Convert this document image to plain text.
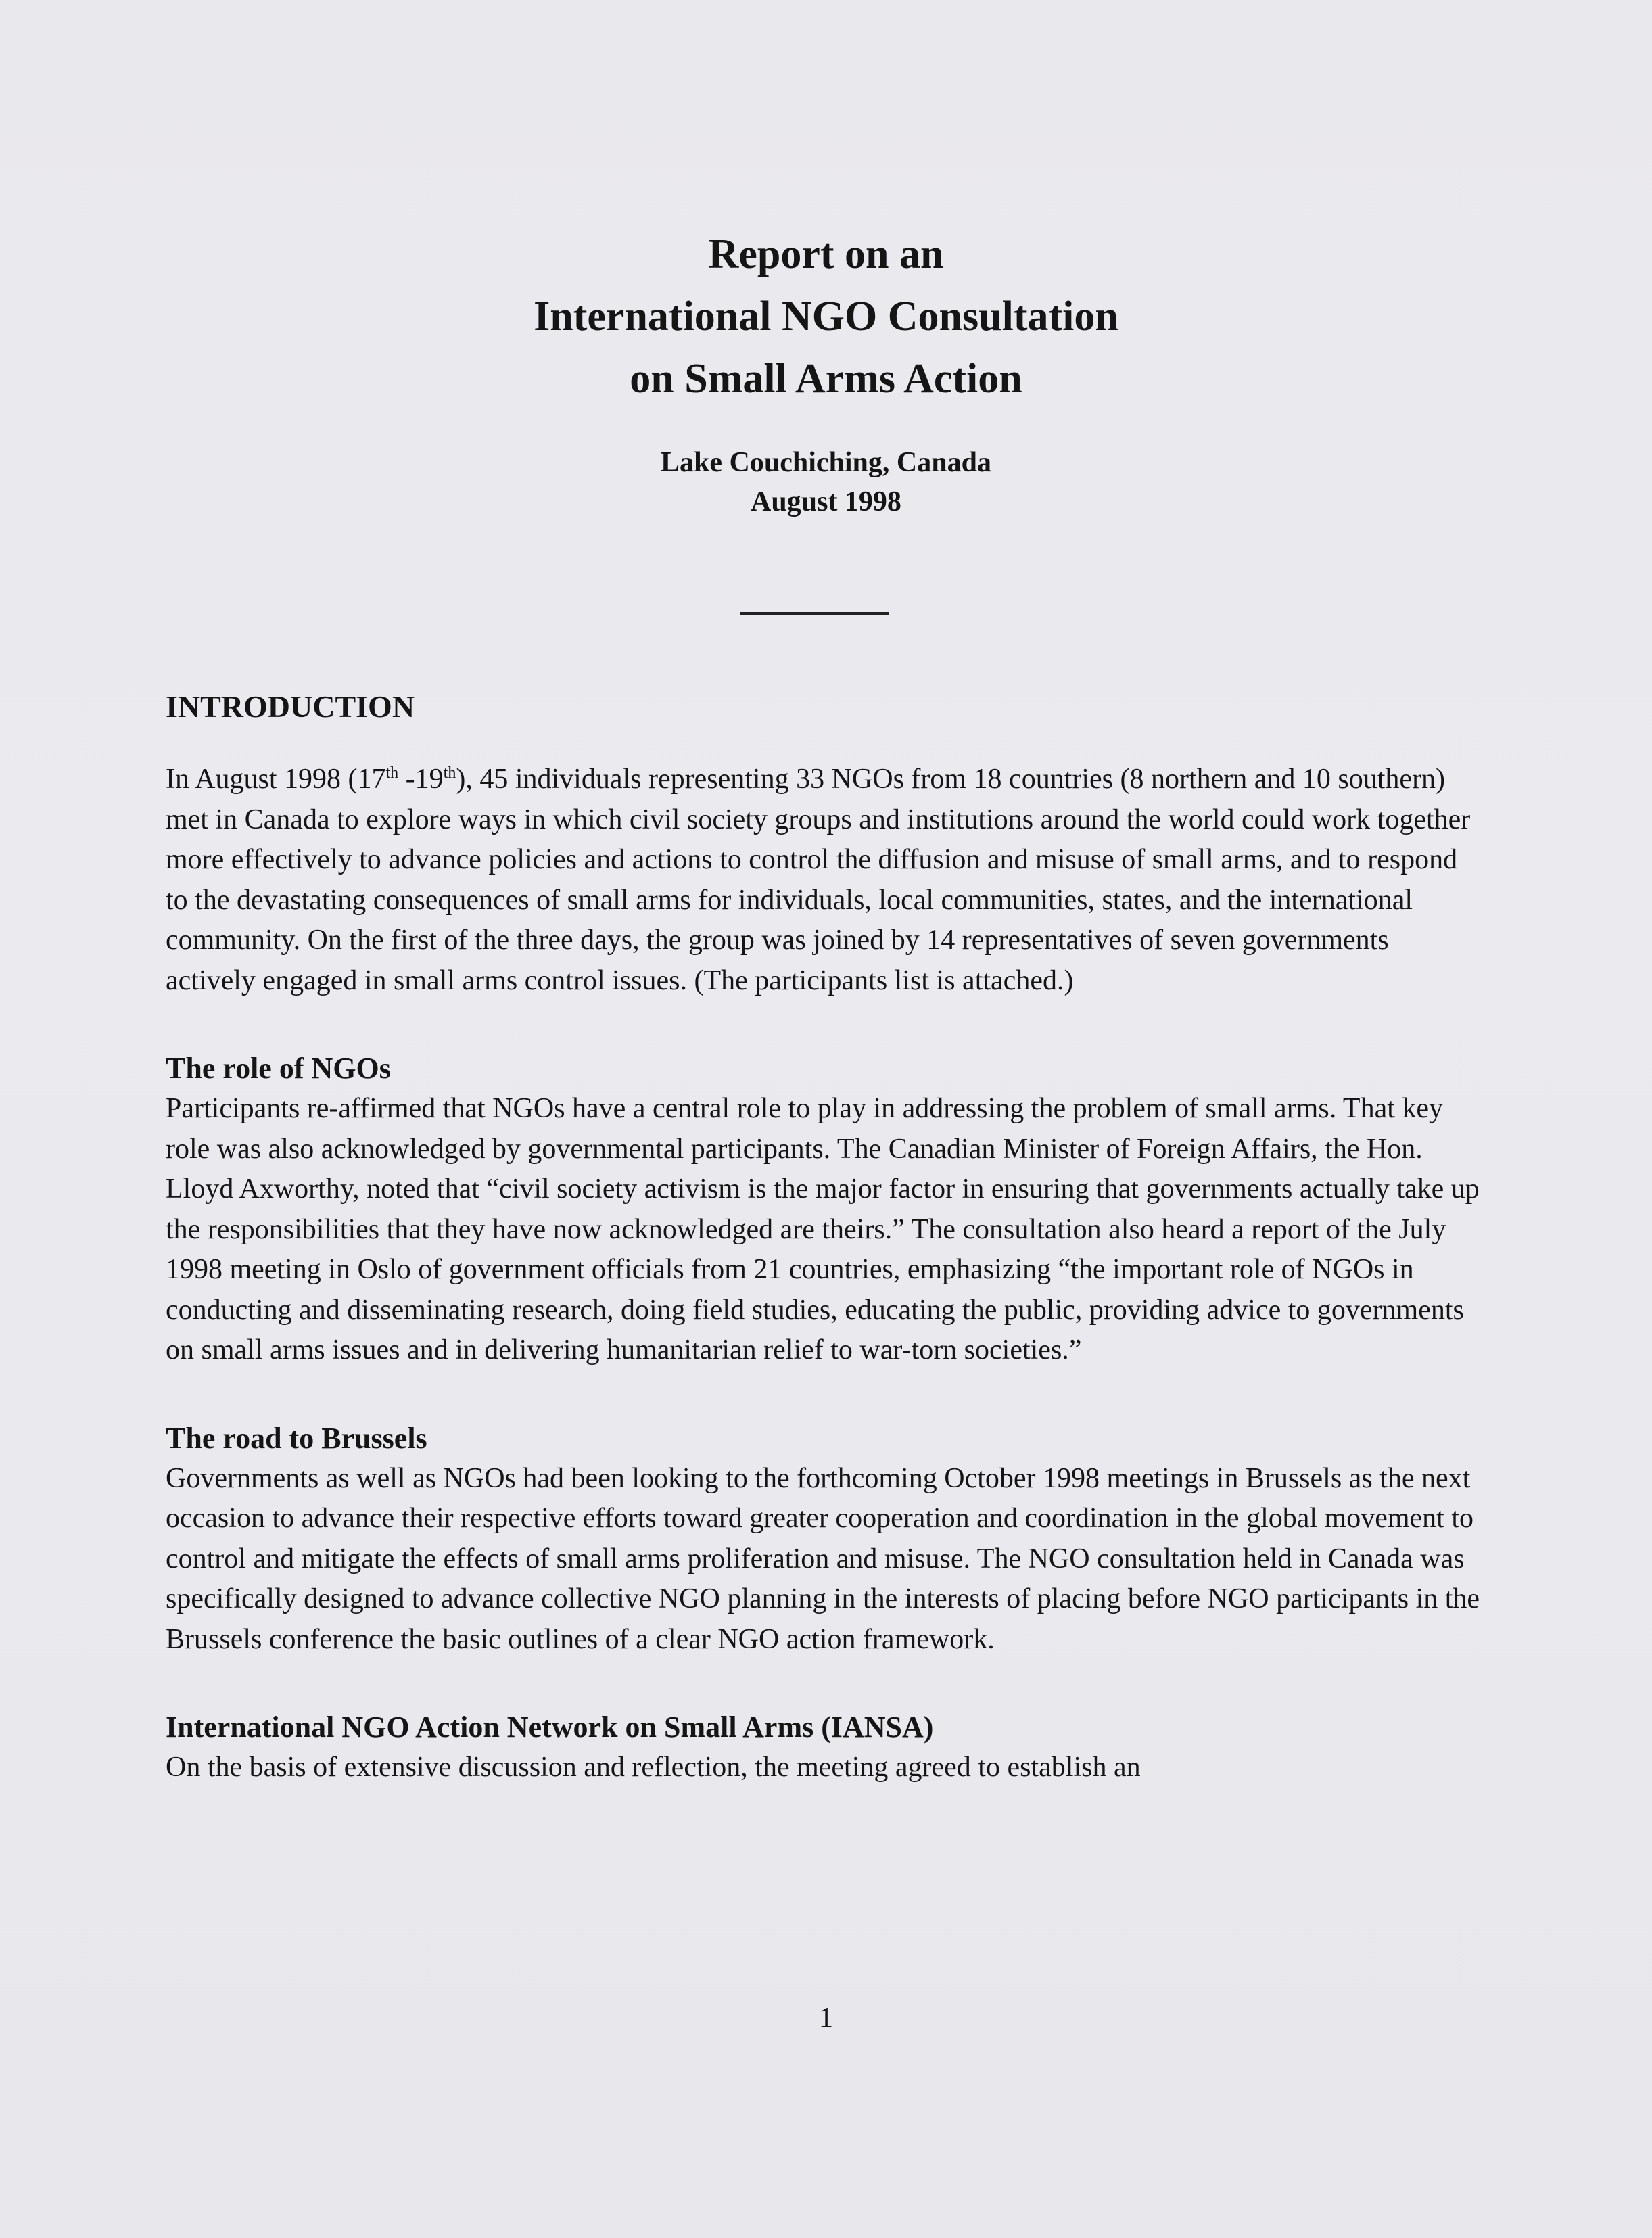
Report on an

International NGO Consultation

on Small Arms Action

Lake Couchiching, Canada

August 1998

INTRODUCTION

In August 1998 (17th -19th), 45 individuals representing 33 NGOs from 18 countries (8 northern and 10 southern) met in Canada to explore ways in which civil society groups and institutions around the world could work together more effectively to advance policies and actions to control the diffusion and misuse of small arms, and to respond to the devastating consequences of small arms for individuals, local communities, states, and the international community. On the first of the three days, the group was joined by 14 representatives of seven governments actively engaged in small arms control issues. (The participants list is attached.)

The role of NGOs

Participants re-affirmed that NGOs have a central role to play in addressing the problem of small arms. That key role was also acknowledged by governmental participants. The Canadian Minister of Foreign Affairs, the Hon. Lloyd Axworthy, noted that “civil society activism is the major factor in ensuring that governments actually take up the responsibilities that they have now acknowledged are theirs.” The consultation also heard a report of the July 1998 meeting in Oslo of government officials from 21 countries, emphasizing “the important role of NGOs in conducting and disseminating research, doing field studies, educating the public, providing advice to governments on small arms issues and in delivering humanitarian relief to war-torn societies.”

The road to Brussels

Governments as well as NGOs had been looking to the forthcoming October 1998 meetings in Brussels as the next occasion to advance their respective efforts toward greater cooperation and coordination in the global movement to control and mitigate the effects of small arms proliferation and misuse. The NGO consultation held in Canada was specifically designed to advance collective NGO planning in the interests of placing before NGO participants in the Brussels conference the basic outlines of a clear NGO action framework.

International NGO Action Network on Small Arms (IANSA)

On the basis of extensive discussion and reflection, the meeting agreed to establish an

1
